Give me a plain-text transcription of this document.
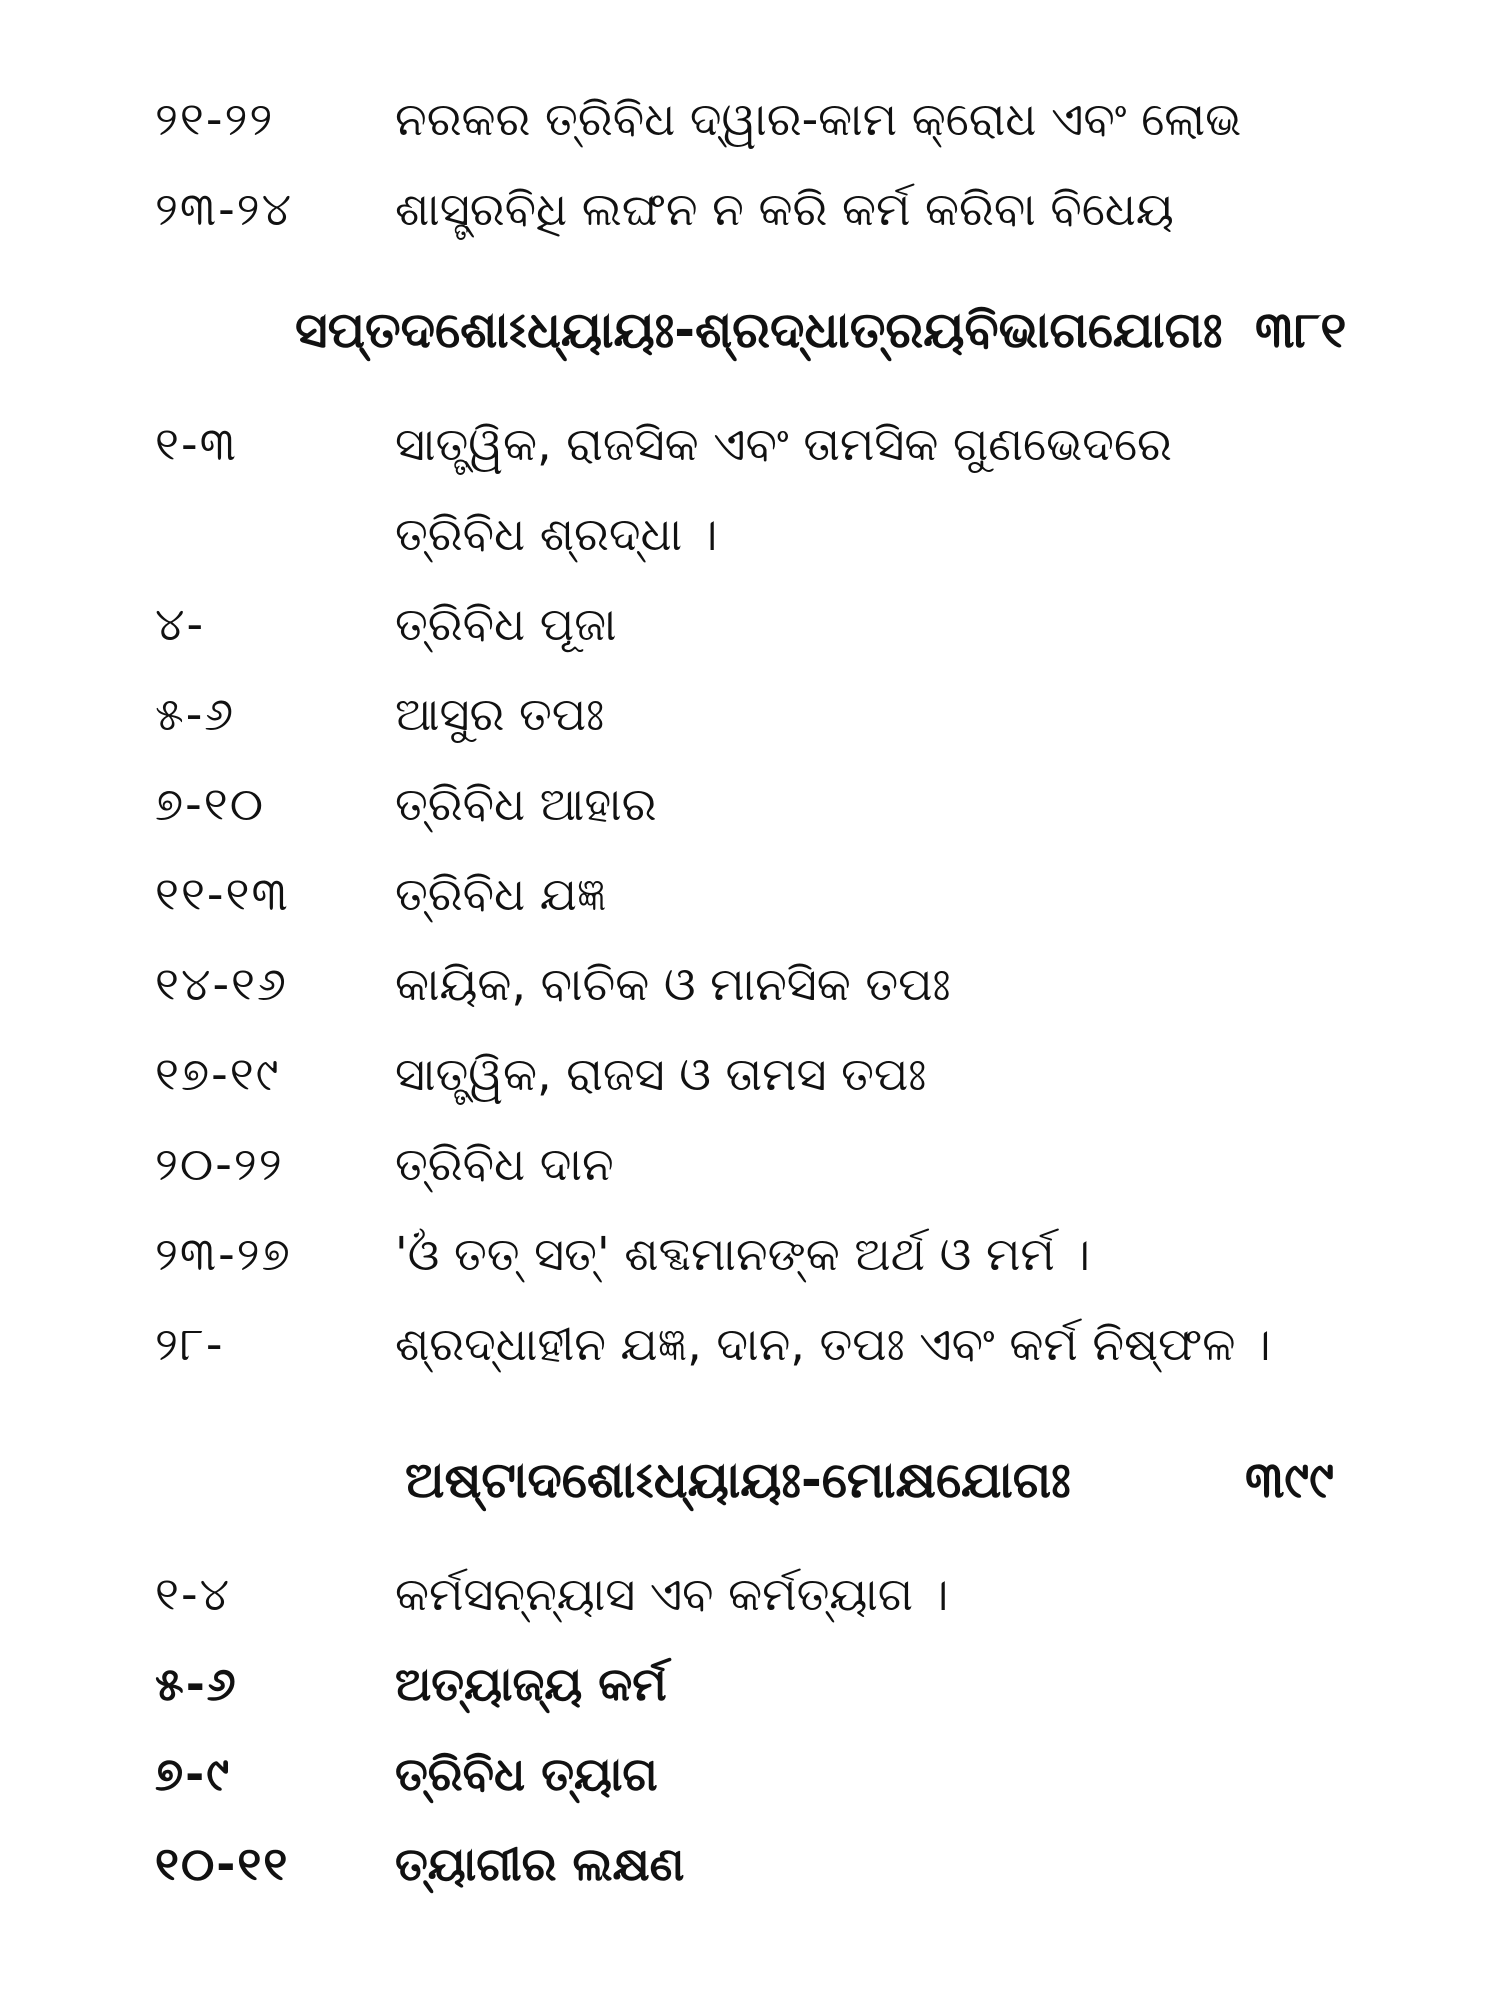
୨୧-୨୨	ନରକର ତ୍ରିବିଧ ଦ୍ୱାର-କାମ କ୍ରୋଧ ଏବଂ ଲୋଭ
୨୩-୨୪	ଶାସ୍ତ୍ରବିଧି ଲଙ୍ଘନ ନ କରି କର୍ମ କରିବା ବିଧେୟ
ସପ୍ତଦଶୋଽଧ୍ୟାୟଃ-ଶ୍ରଦ୍ଧାତ୍ରୟବିଭାଗଯୋଗଃ ୩୮୧
୧-୩	ସାତ୍ତ୍ୱିକ, ରାଜସିକ ଏବଂ ତାମସିକ ଗୁଣଭେଦରେ
ତ୍ରିବିଧ ଶ୍ରଦ୍ଧା ।
୪-	ତ୍ରିବିଧ ପୂଜା
୫-୬	ଆସୁର ତପଃ
୭-୧୦	ତ୍ରିବିଧ ଆହାର
୧୧-୧୩	ତ୍ରିବିଧ ଯଜ୍ଞ
୧୪-୧୬	କାୟିକ, ବାଚିକ ଓ ମାନସିକ ତପଃ
୧୭-୧୯	ସାତ୍ତ୍ୱିକ, ରାଜସ ଓ ତାମସ ତପଃ
୨୦-୨୨	ତ୍ରିବିଧ ଦାନ
୨୩-୨୭	'ଓଁ ତତ୍ ସତ୍' ଶବ୍ଦମାନଙ୍କ ଅର୍ଥ ଓ ମର୍ମ ।
୨୮-	ଶ୍ରଦ୍ଧାହୀନ ଯଜ୍ଞ, ଦାନ, ତପଃ ଏବଂ କର୍ମ ନିଷ୍ଫଳ ।
ଅଷ୍ଟାଦଶୋଽଧ୍ୟାୟଃ-ମୋକ୍ଷଯୋଗଃ	୩୯୯
୧-୪	କର୍ମସନ୍ନ୍ୟାସ ଏବ କର୍ମତ୍ୟାଗ ।
୫-୬	ଅତ୍ୟାଜ୍ୟ କର୍ମ
୭-୯	ତ୍ରିବିଧ ତ୍ୟାଗ
୧୦-୧୧	ତ୍ୟାଗୀର ଲକ୍ଷଣ
